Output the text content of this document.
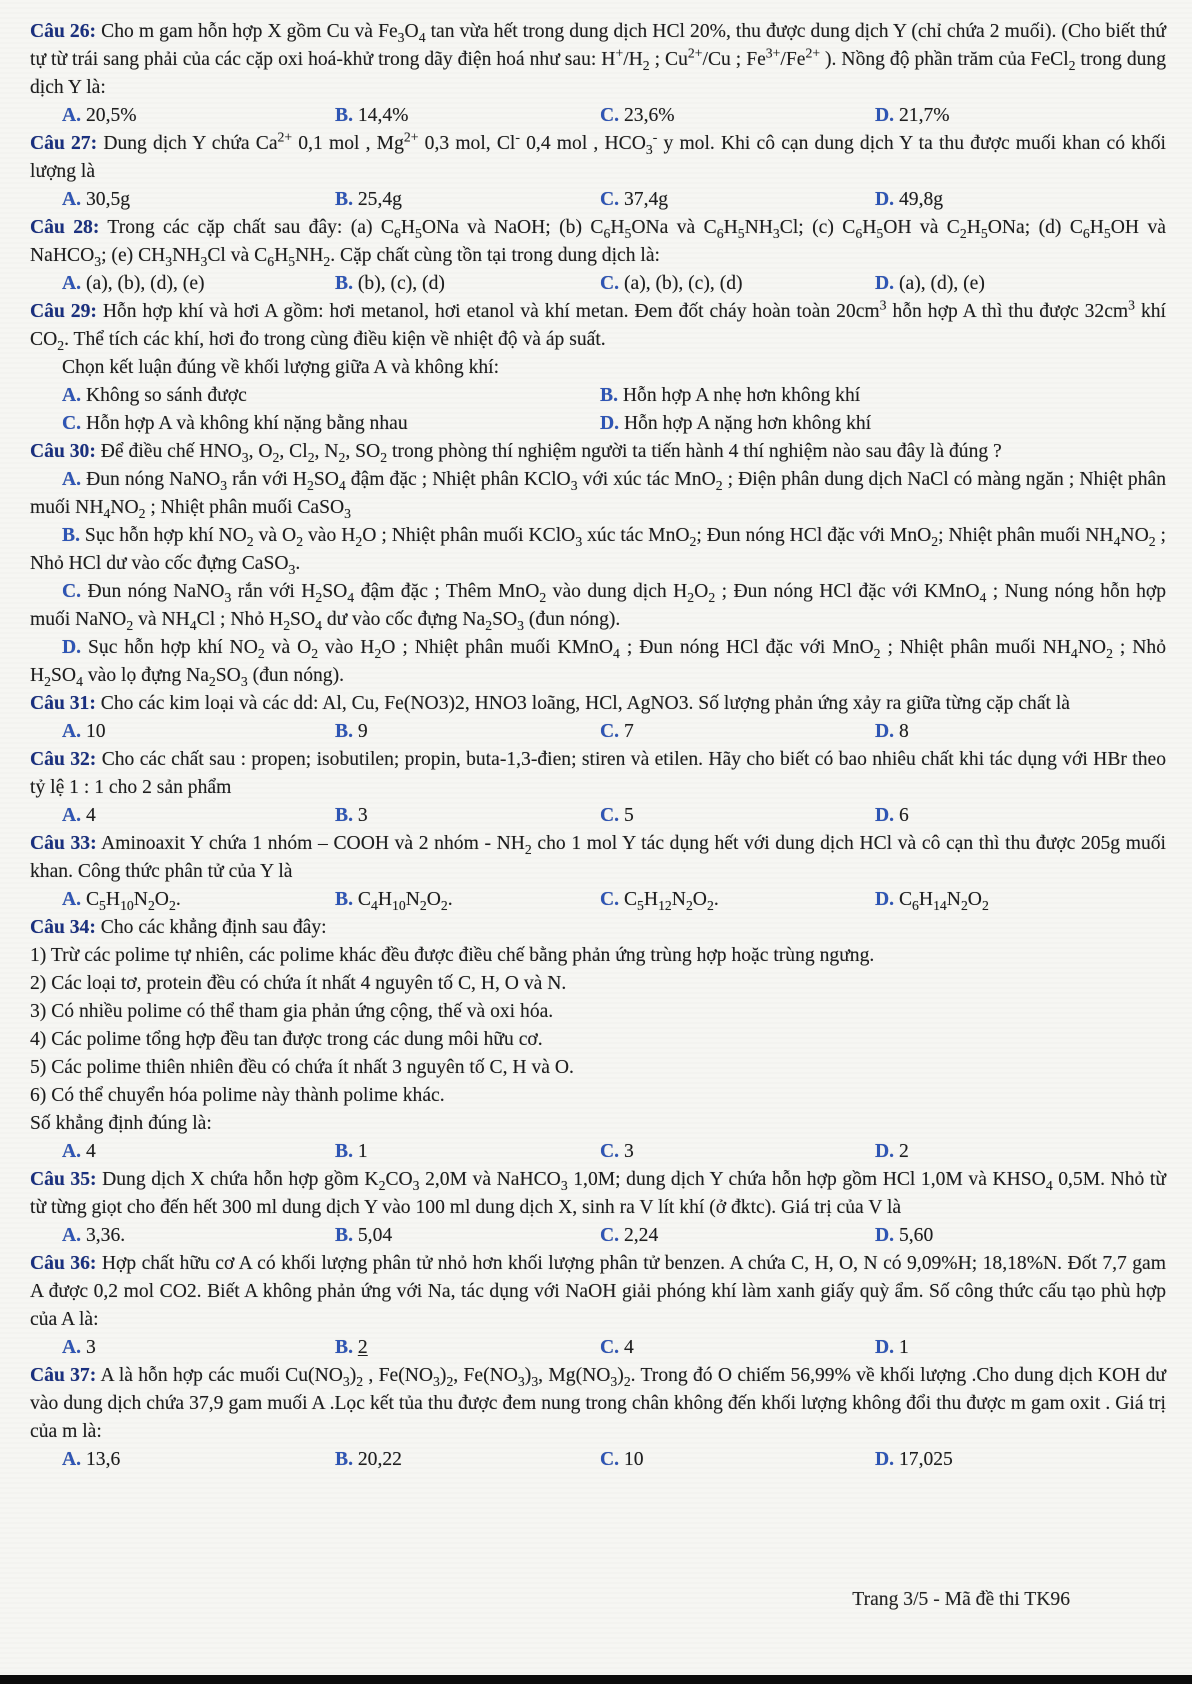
Câu 26: Cho m gam hỗn hợp X gồm Cu và $Fe_3O_4$ tan vừa hết trong dung dịch HCl 20%, thu được dung dịch Y (chỉ chứa 2 muối). (Cho biết thứ tự từ trái sang phải của các cặp oxi hoá-khử trong dãy điện hoá như sau: $H^+/H_2$ ; $Cu^{2+}/Cu$ ; $Fe^{3+}/Fe^{2+}$ ). Nồng độ phần trăm của FeCl$_2$ trong dung dịch Y là:

A. 20,5%	B. 14,4%	C. 23,6%	D. 21,7%

Câu 27: Dung dịch Y chứa $Ca^{2+}$ 0,1 mol , $Mg^{2+}$ 0,3 mol, Cl- 0,4 mol , $HCO_3^-$ y mol. Khi cô cạn dung dịch Y ta thu được muối khan có khối lượng là

A. 30,5g	B. 25,4g	C. 37,4g	D. 49,8g

Câu 28: Trong các cặp chất sau đây: (a) $C_6H_5ONa$ và NaOH; (b) $C_6H_5ONa$ và $C_6H_5NH_3Cl$; (c) $C_6H_5OH$ và $C_2H_5ONa$; (d) $C_6H_5OH$ và NaHCO$_3$; (e) $CH_3NH_3Cl$ và $C_6H_5NH_2$. Cặp chất cùng tồn tại trong dung dịch là:

A. (a), (b), (d), (e)	B. (b), (c), (d)	C. (a), (b), (c), (d)	D. (a), (d), (e)

Câu 29: Hỗn hợp khí và hơi A gồm: hơi metanol, hơi etanol và khí metan. Đem đốt cháy hoàn toàn $20cm^3$ hỗn hợp A thì thu được $32cm^3$ khí $CO_2$. Thể tích các khí, hơi đo trong cùng điều kiện về nhiệt độ và áp suất.

Chọn kết luận đúng về khối lượng giữa A và không khí:

A. Không so sánh được	B. Hỗn hợp A nhẹ hơn không khí
C. Hỗn hợp A và không khí nặng bằng nhau	D. Hỗn hợp A nặng hơn không khí

Câu 30: Để điều chế $HNO_3$, $O_2$, $Cl_2$, $N_2$, $SO_2$ trong phòng thí nghiệm người ta tiến hành 4 thí nghiệm nào sau đây là đúng ?

A. Đun nóng NaNO$_3$ rắn với $H_2SO_4$ đậm đặc ; Nhiệt phân KClO$_3$ với xúc tác MnO$_2$ ; Điện phân dung dịch NaCl có màng ngăn ; Nhiệt phân muối $NH_4NO_2$ ; Nhiệt phân muối CaSO$_3$

B. Sục hỗn hợp khí $NO_2$ và $O_2$ vào $H_2O$ ; Nhiệt phân muối KClO$_3$ xúc tác MnO$_2$; Đun nóng HCl đặc với MnO$_2$; Nhiệt phân muối $NH_4NO_2$ ; Nhỏ HCl dư vào cốc đựng CaSO$_3$.

C. Đun nóng NaNO$_3$ rắn với $H_2SO_4$ đậm đặc ; Thêm MnO$_2$ vào dung dịch $H_2O_2$ ; Đun nóng HCl đặc với KMnO$_4$ ; Nung nóng hỗn hợp muối NaNO$_2$ và $NH_4Cl$ ; Nhỏ $H_2SO_4$ dư vào cốc đựng $Na_2SO_3$ (đun nóng).

D. Sục hỗn hợp khí $NO_2$ và $O_2$ vào $H_2O$ ; Nhiệt phân muối KMnO$_4$ ; Đun nóng HCl đặc với MnO$_2$ ; Nhiệt phân muối $NH_4NO_2$ ; Nhỏ $H_2SO_4$ vào lọ đựng $Na_2SO_3$ (đun nóng).

Câu 31: Cho các kim loại và các dd: Al, Cu, Fe(NO3)2, HNO3 loãng, HCl, AgNO3. Số lượng phản ứng xảy ra giữa từng cặp chất là

A. 10	B. 9	C. 7	D. 8

Câu 32: Cho các chất sau : propen; isobutilen; propin, buta-1,3-đien; stiren và etilen. Hãy cho biết có bao nhiêu chất khi tác dụng với HBr theo tỷ lệ 1 : 1 cho 2 sản phẩm

A. 4	B. 3	C. 5	D. 6

Câu 33: Aminoaxit Y chứa 1 nhóm – COOH và 2 nhóm - $NH_2$ cho 1 mol Y tác dụng hết với dung dịch HCl và cô cạn thì thu được 205g muối khan. Công thức phân tử của Y là

A. $C_5H_{10}N_2O_2$.	B. $C_4H_{10}N_2O_2$.	C. $C_5H_{12}N_2O_2$.	D. $C_6H_{14}N_2O_2$

Câu 34: Cho các khẳng định sau đây:

1) Trừ các polime tự nhiên, các polime khác đều được điều chế bằng phản ứng trùng hợp hoặc trùng ngưng.

2) Các loại tơ, protein đều có chứa ít nhất 4 nguyên tố C, H, O và N.

3) Có nhiều polime có thể tham gia phản ứng cộng, thế và oxi hóa.

4) Các polime tổng hợp đều tan được trong các dung môi hữu cơ.

5) Các polime thiên nhiên đều có chứa ít nhất 3 nguyên tố C, H và O.

6) Có thể chuyển hóa polime này thành polime khác.

Số khẳng định đúng là:

A. 4	B. 1	C. 3	D. 2

Câu 35: Dung dịch X chứa hỗn hợp gồm $K_2CO_3$ 2,0M và NaHCO$_3$ 1,0M; dung dịch Y chứa hỗn hợp gồm HCl 1,0M và $KHSO_4$ 0,5M. Nhỏ từ từ từng giọt cho đến hết 300 ml dung dịch Y vào 100 ml dung dịch X, sinh ra V lít khí (ở đktc). Giá trị của V là

A. 3,36.	B. 5,04	C. 2,24	D. 5,60

Câu 36: Hợp chất hữu cơ A có khối lượng phân tử nhỏ hơn khối lượng phân tử benzen. A chứa C, H, O, N có 9,09%H; 18,18%N. Đốt 7,7 gam A được 0,2 mol CO2. Biết A không phản ứng với Na, tác dụng với NaOH giải phóng khí làm xanh giấy quỳ ẩm. Số công thức cấu tạo phù hợp của A là:

A. 3	B. 2	C. 4	D. 1

Câu 37: A là hỗn hợp các muối $Cu(NO_3)_2$ , $Fe(NO_3)_2$, $Fe(NO_3)_3$, $Mg(NO_3)_2$. Trong đó O chiếm 56,99% về khối lượng .Cho dung dịch KOH dư vào dung dịch chứa 37,9 gam muối A .Lọc kết tủa thu được đem nung trong chân không đến khối lượng không đổi thu được m gam oxit . Giá trị của m là:

A. 13,6	B. 20,22	C. 10	D. 17,025
Trang 3/5 - Mã đề thi TK96
